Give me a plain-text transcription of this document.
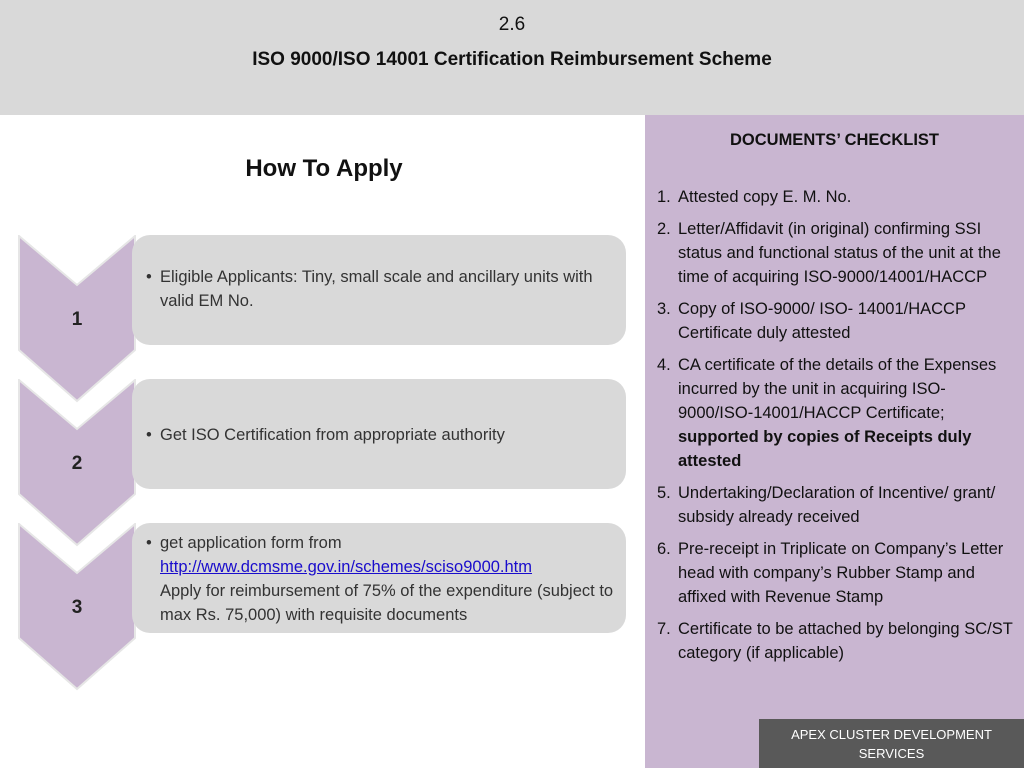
2.6
ISO 9000/ISO 14001 Certification Reimbursement Scheme
How To Apply
1
• Eligible Applicants: Tiny, small scale and ancillary units with valid EM No.
2
• Get ISO Certification from appropriate authority
3
• get application form from
http://www.dcmsme.gov.in/schemes/sciso9000.htm
Apply for reimbursement of 75% of the expenditure (subject to max Rs. 75,000) with requisite documents
DOCUMENTS’ CHECKLIST
1. Attested copy E. M. No.
2. Letter/Affidavit (in original) confirming SSI status and functional status of the unit at the time of acquiring ISO-9000/14001/HACCP
3. Copy of ISO-9000/ ISO- 14001/HACCP Certificate duly attested
4. CA certificate of the details of the Expenses incurred by the unit in acquiring ISO-9000/ISO-14001/HACCP Certificate; supported by copies of Receipts duly attested
5. Undertaking/Declaration of Incentive/ grant/ subsidy already received
6. Pre-receipt in Triplicate on Company’s Letter head with company’s Rubber Stamp and affixed with Revenue Stamp
7. Certificate to be attached by belonging SC/ST category (if applicable)
APEX CLUSTER DEVELOPMENT SERVICES
